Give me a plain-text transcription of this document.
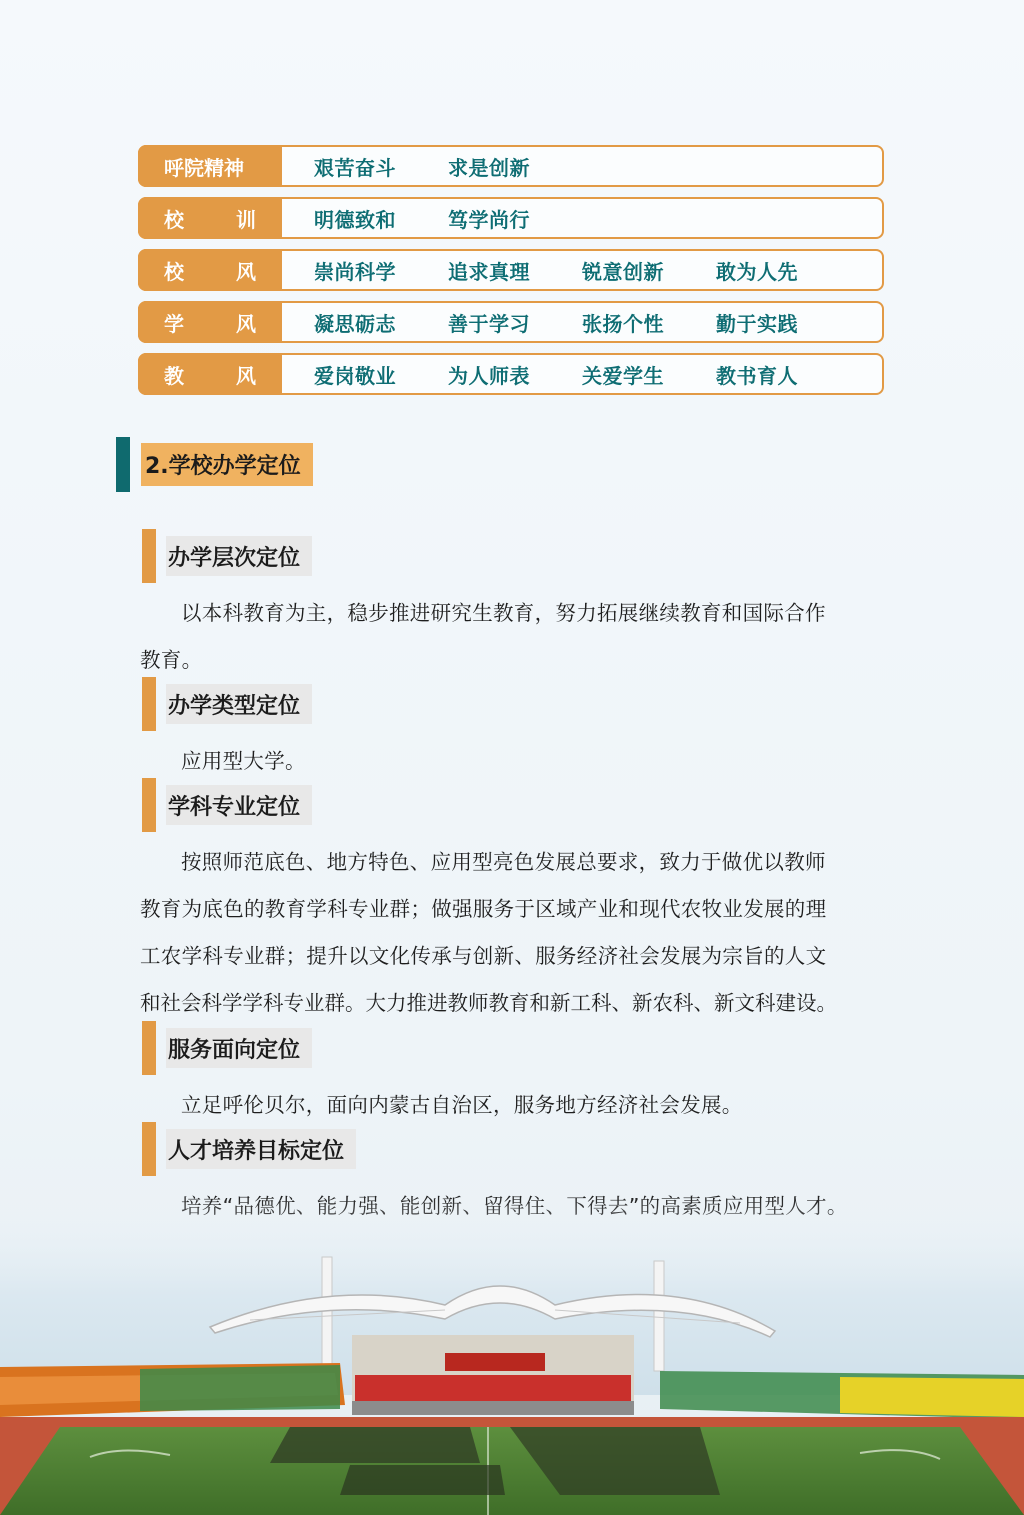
呼院精神	艰苦奋斗	求是创新
校	训	明德致和	笃学尚行
校	风	崇尚科学	追求真理	锐意创新	敢为人先
学	风	凝思砺志	善于学习	张扬个性	勤于实践
教	风	爱岗敬业	为人师表	关爱学生	教书育人
2.学校办学定位
办学层次定位
以本科教育为主，稳步推进研究生教育，努力拓展继续教育和国际合作
教育。
办学类型定位
应用型大学。
学科专业定位
按照师范底色、地方特色、应用型亮色发展总要求，致力于做优以教师
教育为底色的教育学科专业群；做强服务于区域产业和现代农牧业发展的理
工农学科专业群；提升以文化传承与创新、服务经济社会发展为宗旨的人文
和社会科学学科专业群。大力推进教师教育和新工科、新农科、新文科建设。
服务面向定位
立足呼伦贝尔，面向内蒙古自治区，服务地方经济社会发展。
人才培养目标定位
